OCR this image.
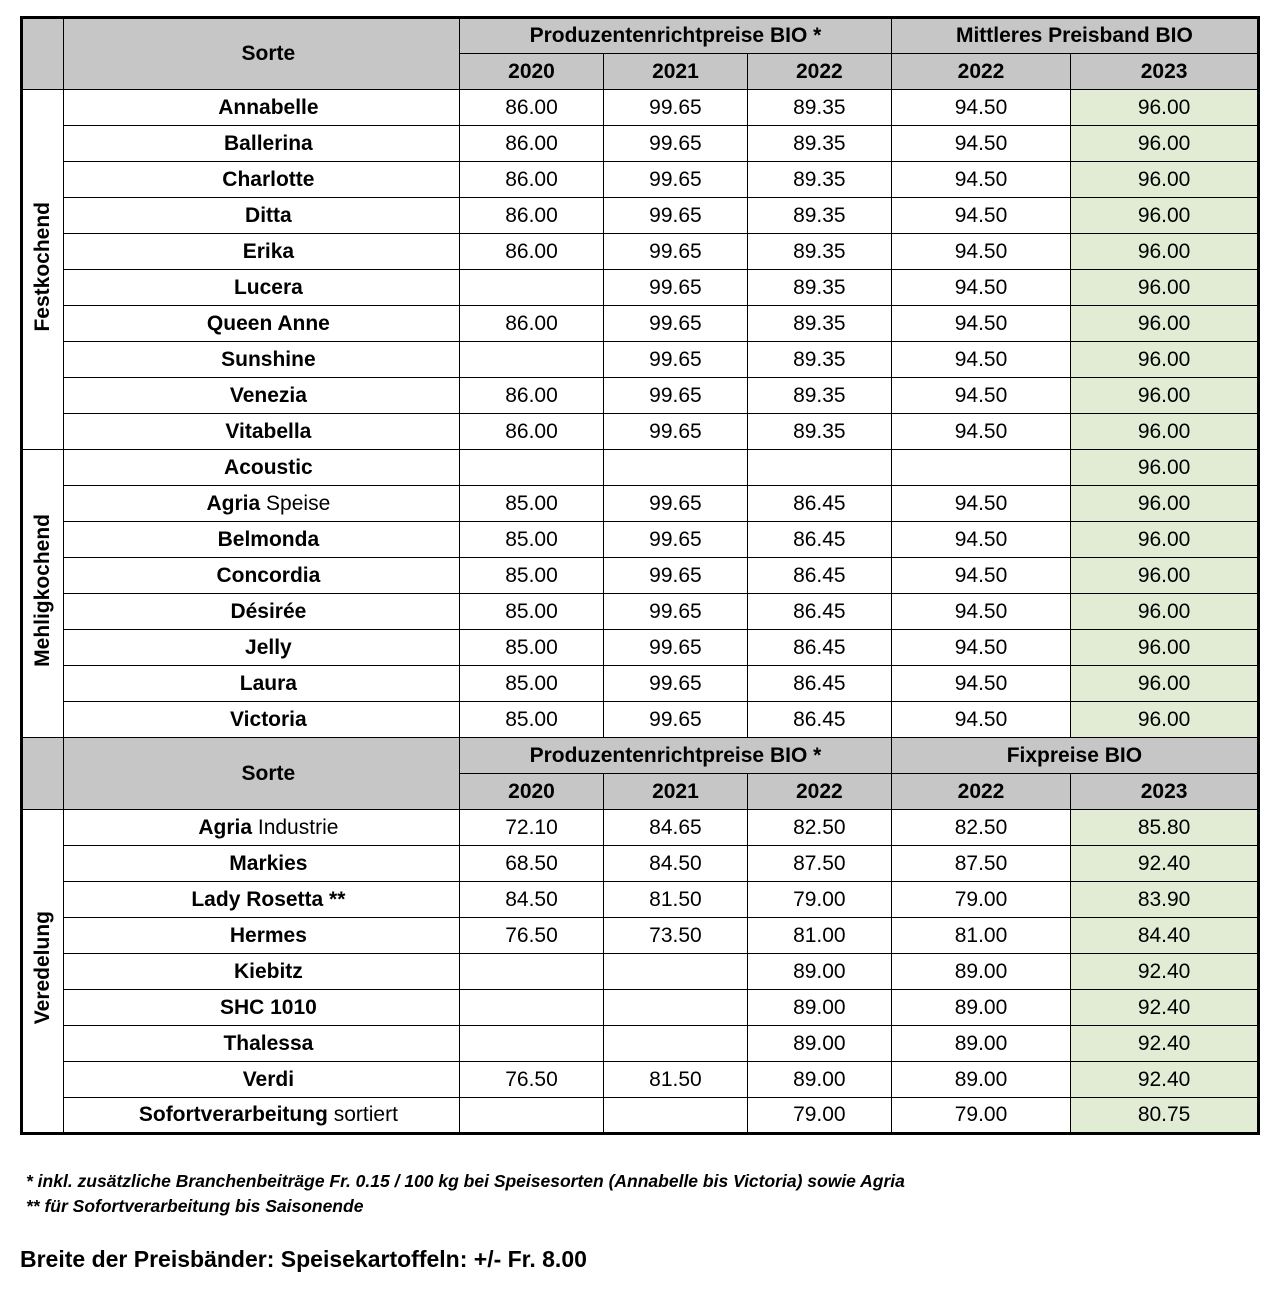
	Sorte	Produzentenrichtpreise BIO *			Mittleres Preisband BIO	
		2020	2021	2022	2022	2023
Festkochend	Annabelle	86.00	99.65	89.35	94.50	96.00
	Ballerina	86.00	99.65	89.35	94.50	96.00
	Charlotte	86.00	99.65	89.35	94.50	96.00
	Ditta	86.00	99.65	89.35	94.50	96.00
	Erika	86.00	99.65	89.35	94.50	96.00
	Lucera		99.65	89.35	94.50	96.00
	Queen Anne	86.00	99.65	89.35	94.50	96.00
	Sunshine		99.65	89.35	94.50	96.00
	Venezia	86.00	99.65	89.35	94.50	96.00
	Vitabella	86.00	99.65	89.35	94.50	96.00
Mehligkochend	Acoustic					96.00
	Agria Speise	85.00	99.65	86.45	94.50	96.00
	Belmonda	85.00	99.65	86.45	94.50	96.00
	Concordia	85.00	99.65	86.45	94.50	96.00
	Désirée	85.00	99.65	86.45	94.50	96.00
	Jelly	85.00	99.65	86.45	94.50	96.00
	Laura	85.00	99.65	86.45	94.50	96.00
	Victoria	85.00	99.65	86.45	94.50	96.00
	Sorte	Produzentenrichtpreise BIO *			Fixpreise BIO	
		2020	2021	2022	2022	2023
Veredelung	Agria Industrie	72.10	84.65	82.50	82.50	85.80
	Markies	68.50	84.50	87.50	87.50	92.40
	Lady Rosetta **	84.50	81.50	79.00	79.00	83.90
	Hermes	76.50	73.50	81.00	81.00	84.40
	Kiebitz			89.00	89.00	92.40
	SHC 1010			89.00	89.00	92.40
	Thalessa			89.00	89.00	92.40
	Verdi	76.50	81.50	89.00	89.00	92.40
	Sofortverarbeitung sortiert			79.00	79.00	80.75
* inkl. zusätzliche Branchenbeiträge Fr. 0.15 / 100 kg bei Speisesorten (Annabelle bis Victoria) sowie Agria
** für Sofortverarbeitung bis Saisonende
Breite der Preisbänder: Speisekartoffeln: +/- Fr. 8.00
